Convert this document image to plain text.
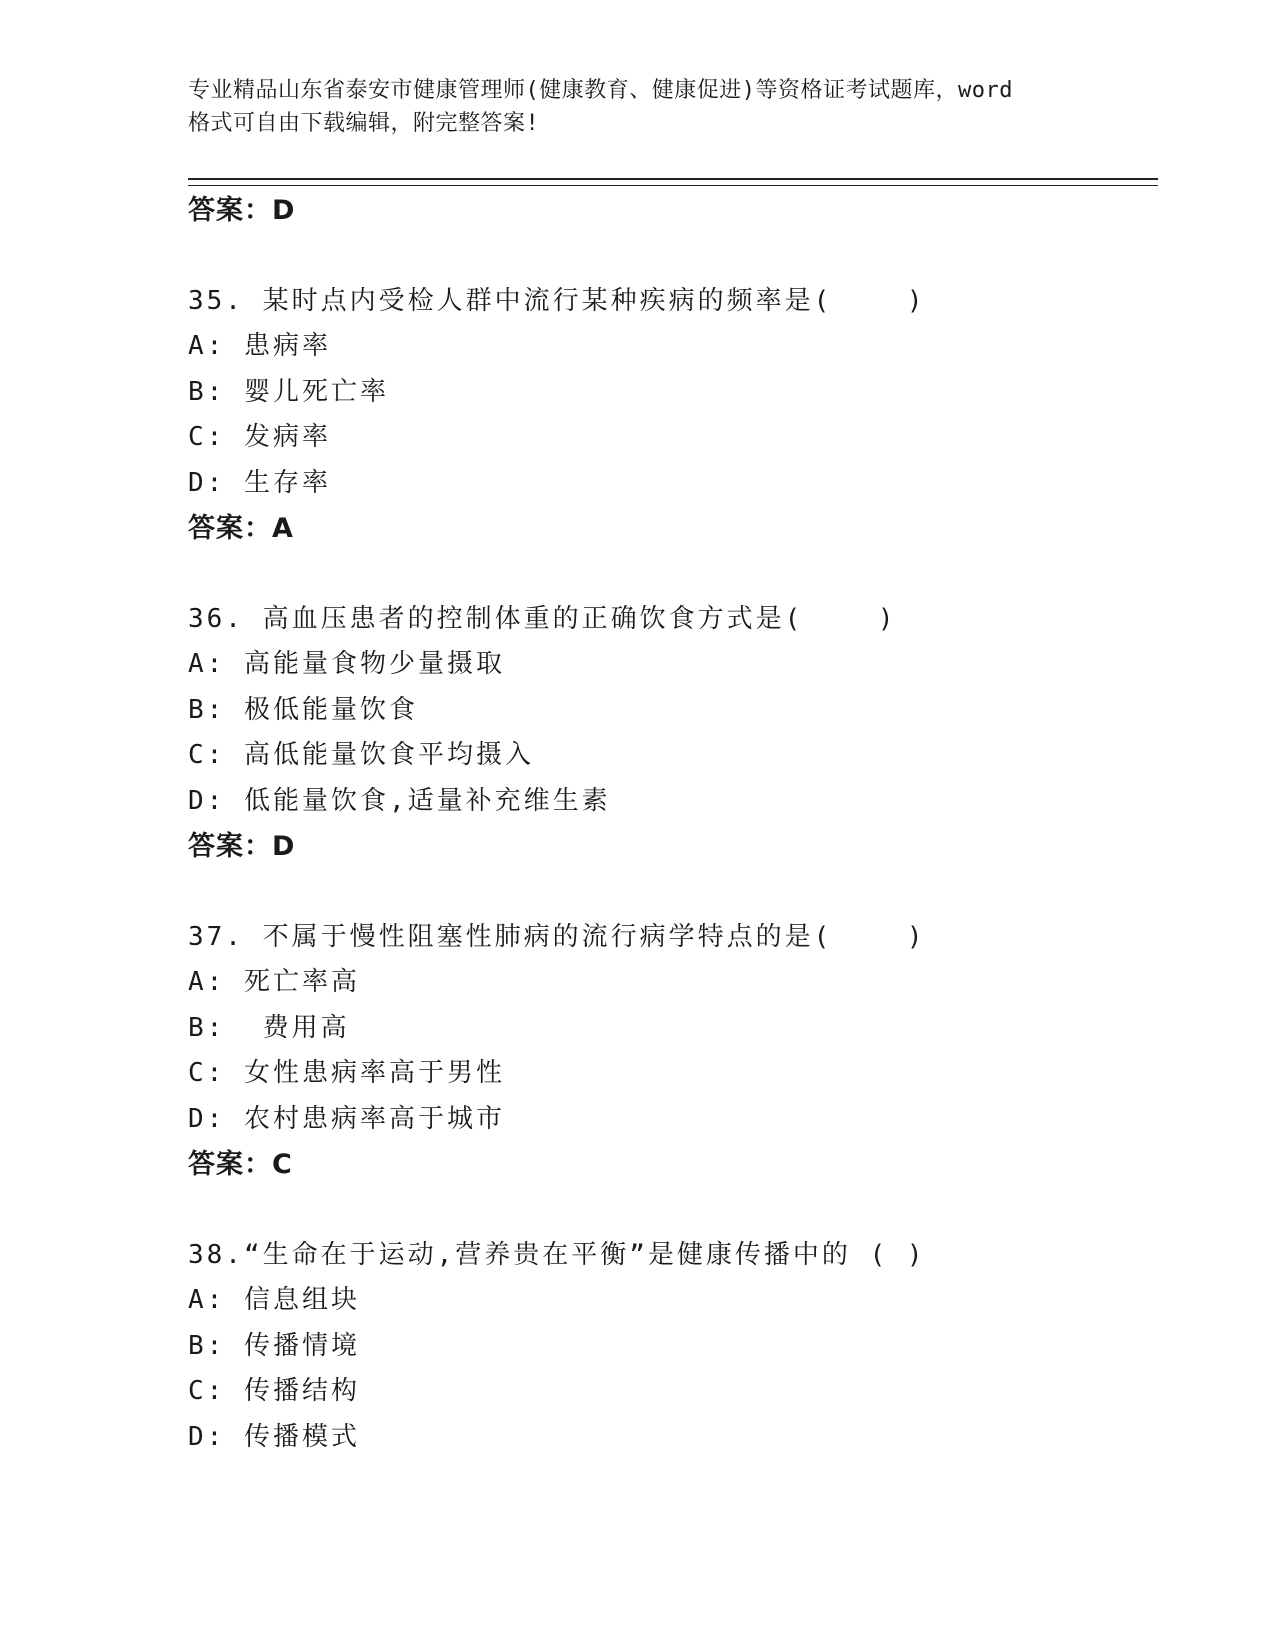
专业精品山东省泰安市健康管理师(健康教育、健康促进)等资格证考试题库，word
格式可自由下载编辑，附完整答案!
答案：D
35. 某时点内受检人群中流行某种疾病的频率是(    )
A: 患病率
B: 婴儿死亡率
C: 发病率
D: 生存率
答案：A
36. 高血压患者的控制体重的正确饮食方式是(    )
A: 高能量食物少量摄取
B: 极低能量饮食
C: 高低能量饮食平均摄入
D: 低能量饮食,适量补充维生素
答案：D
37. 不属于慢性阻塞性肺病的流行病学特点的是(    )
A: 死亡率高
B:  费用高
C: 女性患病率高于男性
D: 农村患病率高于城市
答案：C
38.“生命在于运动,营养贵在平衡”是健康传播中的 ( )
A: 信息组块
B: 传播情境
C: 传播结构
D: 传播模式
